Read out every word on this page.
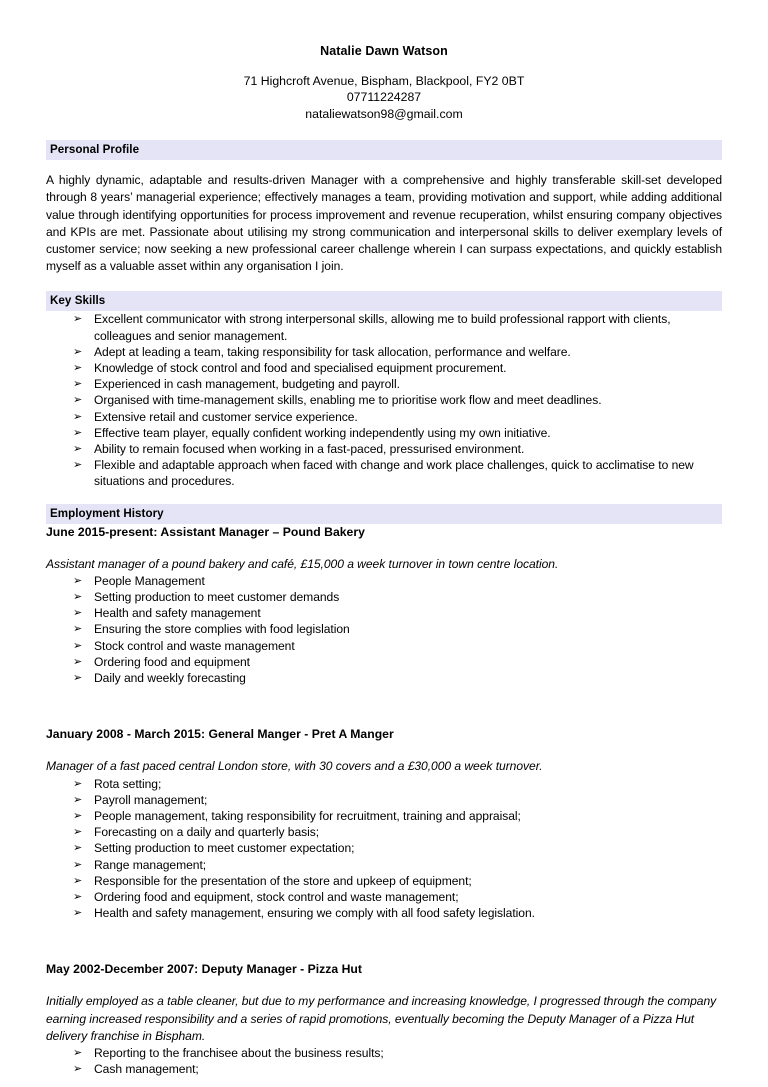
Natalie Dawn Watson
71 Highcroft Avenue, Bispham, Blackpool, FY2 0BT
07711224287
nataliewatson98@gmail.com
Personal Profile
A highly dynamic, adaptable and results-driven Manager with a comprehensive and highly transferable skill-set developed through 8 years’ managerial experience; effectively manages a team, providing motivation and support, while adding additional value through identifying opportunities for process improvement and revenue recuperation, whilst ensuring company objectives and KPIs are met. Passionate about utilising my strong communication and interpersonal skills to deliver exemplary levels of customer service; now seeking a new professional career challenge wherein I can surpass expectations, and quickly establish myself as a valuable asset within any organisation I join.
Key Skills
➢ Excellent communicator with strong interpersonal skills, allowing me to build professional rapport with clients, colleagues and senior management.
➢ Adept at leading a team, taking responsibility for task allocation, performance and welfare.
➢ Knowledge of stock control and food and specialised equipment procurement.
➢ Experienced in cash management, budgeting and payroll.
➢ Organised with time-management skills, enabling me to prioritise work flow and meet deadlines.
➢ Extensive retail and customer service experience.
➢ Effective team player, equally confident working independently using my own initiative.
➢ Ability to remain focused when working in a fast-paced, pressurised environment.
➢ Flexible and adaptable approach when faced with change and work place challenges, quick to acclimatise to new situations and procedures.
Employment History
June 2015-present: Assistant Manager – Pound Bakery
Assistant manager of a pound bakery and café, £15,000 a week turnover in town centre location.
➢ People Management
➢ Setting production to meet customer demands
➢ Health and safety management
➢ Ensuring the store complies with food legislation
➢ Stock control and waste management
➢ Ordering food and equipment
➢ Daily and weekly forecasting
January 2008 - March 2015: General Manger - Pret A Manger
Manager of a fast paced central London store, with 30 covers and a £30,000 a week turnover.
➢ Rota setting;
➢ Payroll management;
➢ People management, taking responsibility for recruitment, training and appraisal;
➢ Forecasting on a daily and quarterly basis;
➢ Setting production to meet customer expectation;
➢ Range management;
➢ Responsible for the presentation of the store and upkeep of equipment;
➢ Ordering food and equipment, stock control and waste management;
➢ Health and safety management, ensuring we comply with all food safety legislation.
May 2002-December 2007: Deputy Manager - Pizza Hut
Initially employed as a table cleaner, but due to my performance and increasing knowledge, I progressed through the company earning increased responsibility and a series of rapid promotions, eventually becoming the Deputy Manager of a Pizza Hut delivery franchise in Bispham.
➢ Reporting to the franchisee about the business results;
➢ Cash management;
